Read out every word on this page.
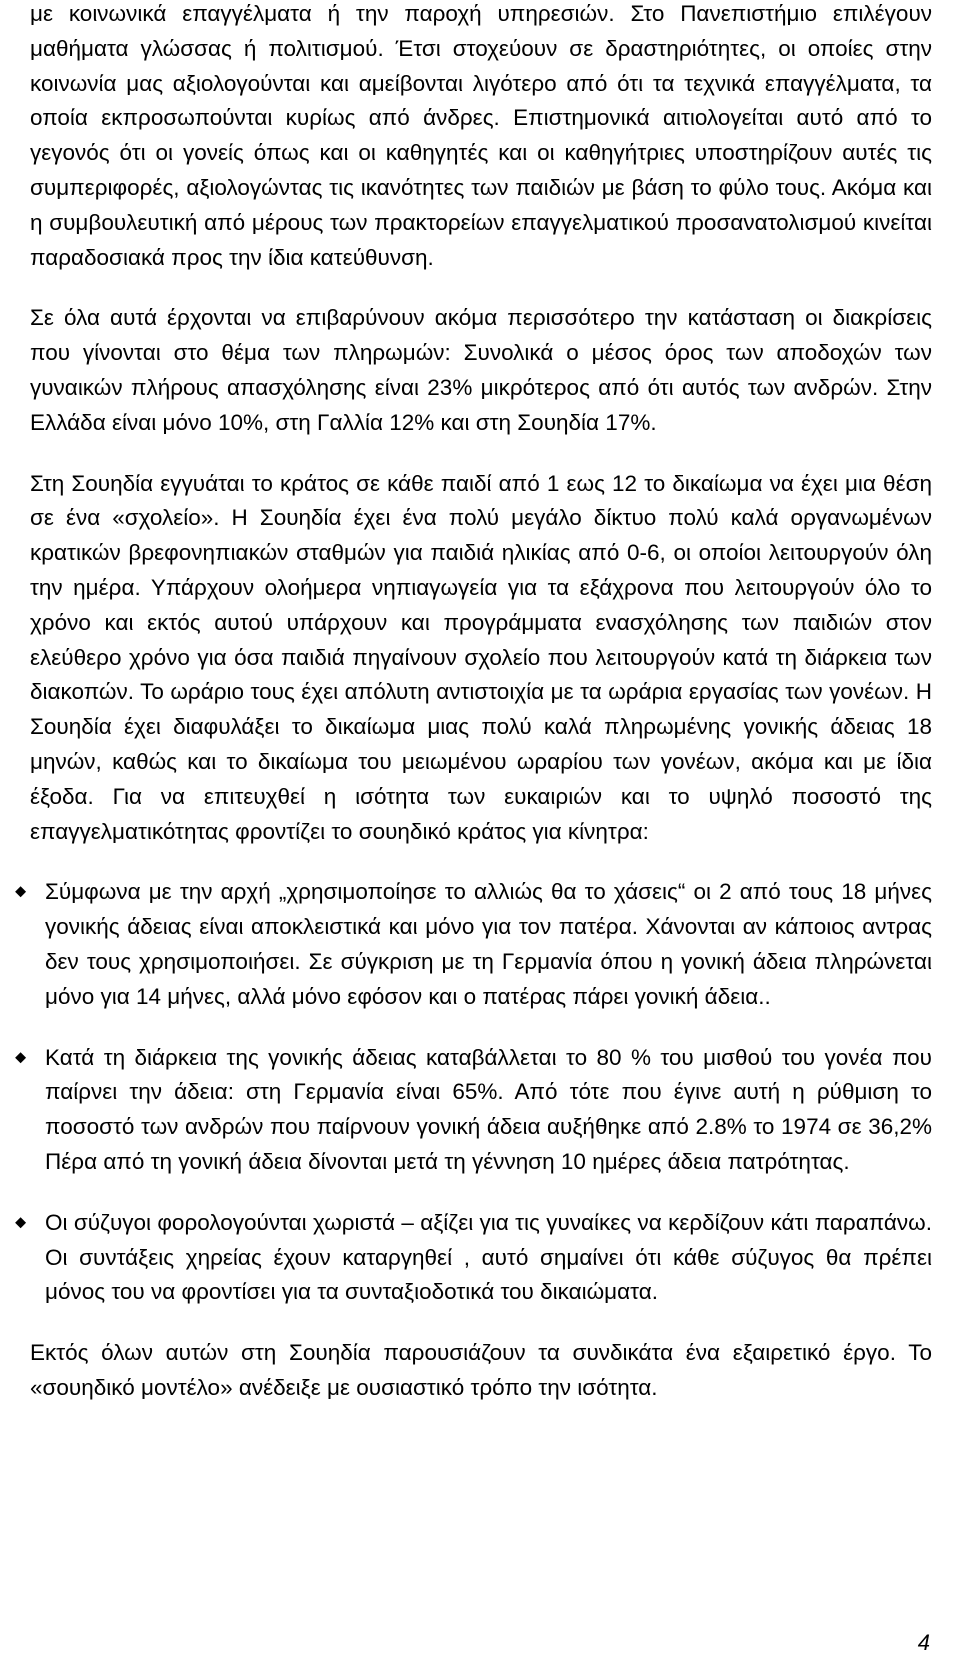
με κοινωνικά επαγγέλματα ή την παροχή υπηρεσιών. Στο Πανεπιστήμιο επιλέγουν μαθήματα γλώσσας ή πολιτισμού. Έτσι στοχεύουν σε δραστηριότητες, οι οποίες στην κοινωνία μας αξιολογούνται και αμείβονται λιγότερο από ότι τα τεχνικά επαγγέλματα, τα οποία εκπροσωπούνται κυρίως από άνδρες. Επιστημονικά αιτιολογείται αυτό από το γεγονός ότι οι γονείς όπως και οι καθηγητές και οι καθηγήτριες υποστηρίζουν αυτές τις συμπεριφορές, αξιολογώντας τις ικανότητες των παιδιών με βάση το φύλο τους. Ακόμα και η συμβουλευτική από μέρους των πρακτορείων επαγγελματικού προσανατολισμού κινείται παραδοσιακά προς την ίδια κατεύθυνση.

Σε όλα αυτά έρχονται να επιβαρύνουν ακόμα περισσότερο την κατάσταση οι διακρίσεις που γίνονται στο θέμα των πληρωμών: Συνολικά ο μέσος όρος των αποδοχών των γυναικών πλήρους απασχόλησης είναι 23% μικρότερος από ότι αυτός των ανδρών. Στην Ελλάδα είναι μόνο 10%, στη Γαλλία 12% και στη Σουηδία 17%.

Στη Σουηδία εγγυάται το κράτος σε κάθε παιδί από 1 εως 12 το δικαίωμα να έχει μια θέση σε ένα «σχολείο». Η Σουηδία έχει ένα πολύ μεγάλο δίκτυο πολύ καλά οργανωμένων κρατικών βρεφονηπιακών σταθμών για παιδιά ηλικίας από 0-6, οι οποίοι λειτουργούν όλη την ημέρα. Υπάρχουν ολοήμερα νηπιαγωγεία για τα εξάχρονα που λειτουργούν όλο το χρόνο και εκτός αυτού υπάρχουν και προγράμματα ενασχόλησης των παιδιών στον ελεύθερο χρόνο για όσα παιδιά πηγαίνουν σχολείο που λειτουργούν κατά τη διάρκεια των διακοπών. Το ωράριο τους έχει απόλυτη αντιστοιχία με τα ωράρια εργασίας των γονέων. Η Σουηδία έχει διαφυλάξει το δικαίωμα μιας πολύ καλά πληρωμένης γονικής άδειας 18 μηνών, καθώς και το δικαίωμα του μειωμένου ωραρίου των γονέων, ακόμα και με ίδια έξοδα. Για να επιτευχθεί η ισότητα των ευκαιριών και το υψηλό ποσοστό της επαγγελματικότητας φροντίζει το σουηδικό κράτος για κίνητρα:

⬥ Σύμφωνα με την αρχή „χρησιμοποίησε το αλλιώς θα το χάσεις“ οι 2 από τους 18 μήνες γονικής άδειας είναι αποκλειστικά και μόνο για τον πατέρα. Χάνονται αν κάποιος αντρας δεν τους χρησιμοποιήσει. Σε σύγκριση με τη Γερμανία όπου η γονική άδεια πληρώνεται μόνο για 14 μήνες, αλλά μόνο εφόσον και ο πατέρας πάρει γονική άδεια..
⬥ Κατά τη διάρκεια της γονικής άδειας καταβάλλεται το 80 % του μισθού του γονέα που παίρνει την άδεια: στη Γερμανία είναι 65%. Από τότε που έγινε αυτή η ρύθμιση το ποσοστό των ανδρών που παίρνουν γονική άδεια αυξήθηκε από 2.8% το 1974 σε 36,2% Πέρα από τη γονική άδεια δίνονται μετά τη γέννηση 10 ημέρες άδεια πατρότητας.
⬥ Οι σύζυγοι φορολογούνται χωριστά – αξίζει για τις γυναίκες να κερδίζουν κάτι παραπάνω. Οι συντάξεις χηρείας έχουν καταργηθεί , αυτό σημαίνει ότι κάθε σύζυγος θα πρέπει μόνος του να φροντίσει για τα συνταξιοδοτικά του δικαιώματα.

Εκτός όλων αυτών στη Σουηδία παρουσιάζουν τα συνδικάτα ένα εξαιρετικό έργο. Το «σουηδικό μοντέλο» ανέδειξε με ουσιαστικό τρόπο την ισότητα.

4
